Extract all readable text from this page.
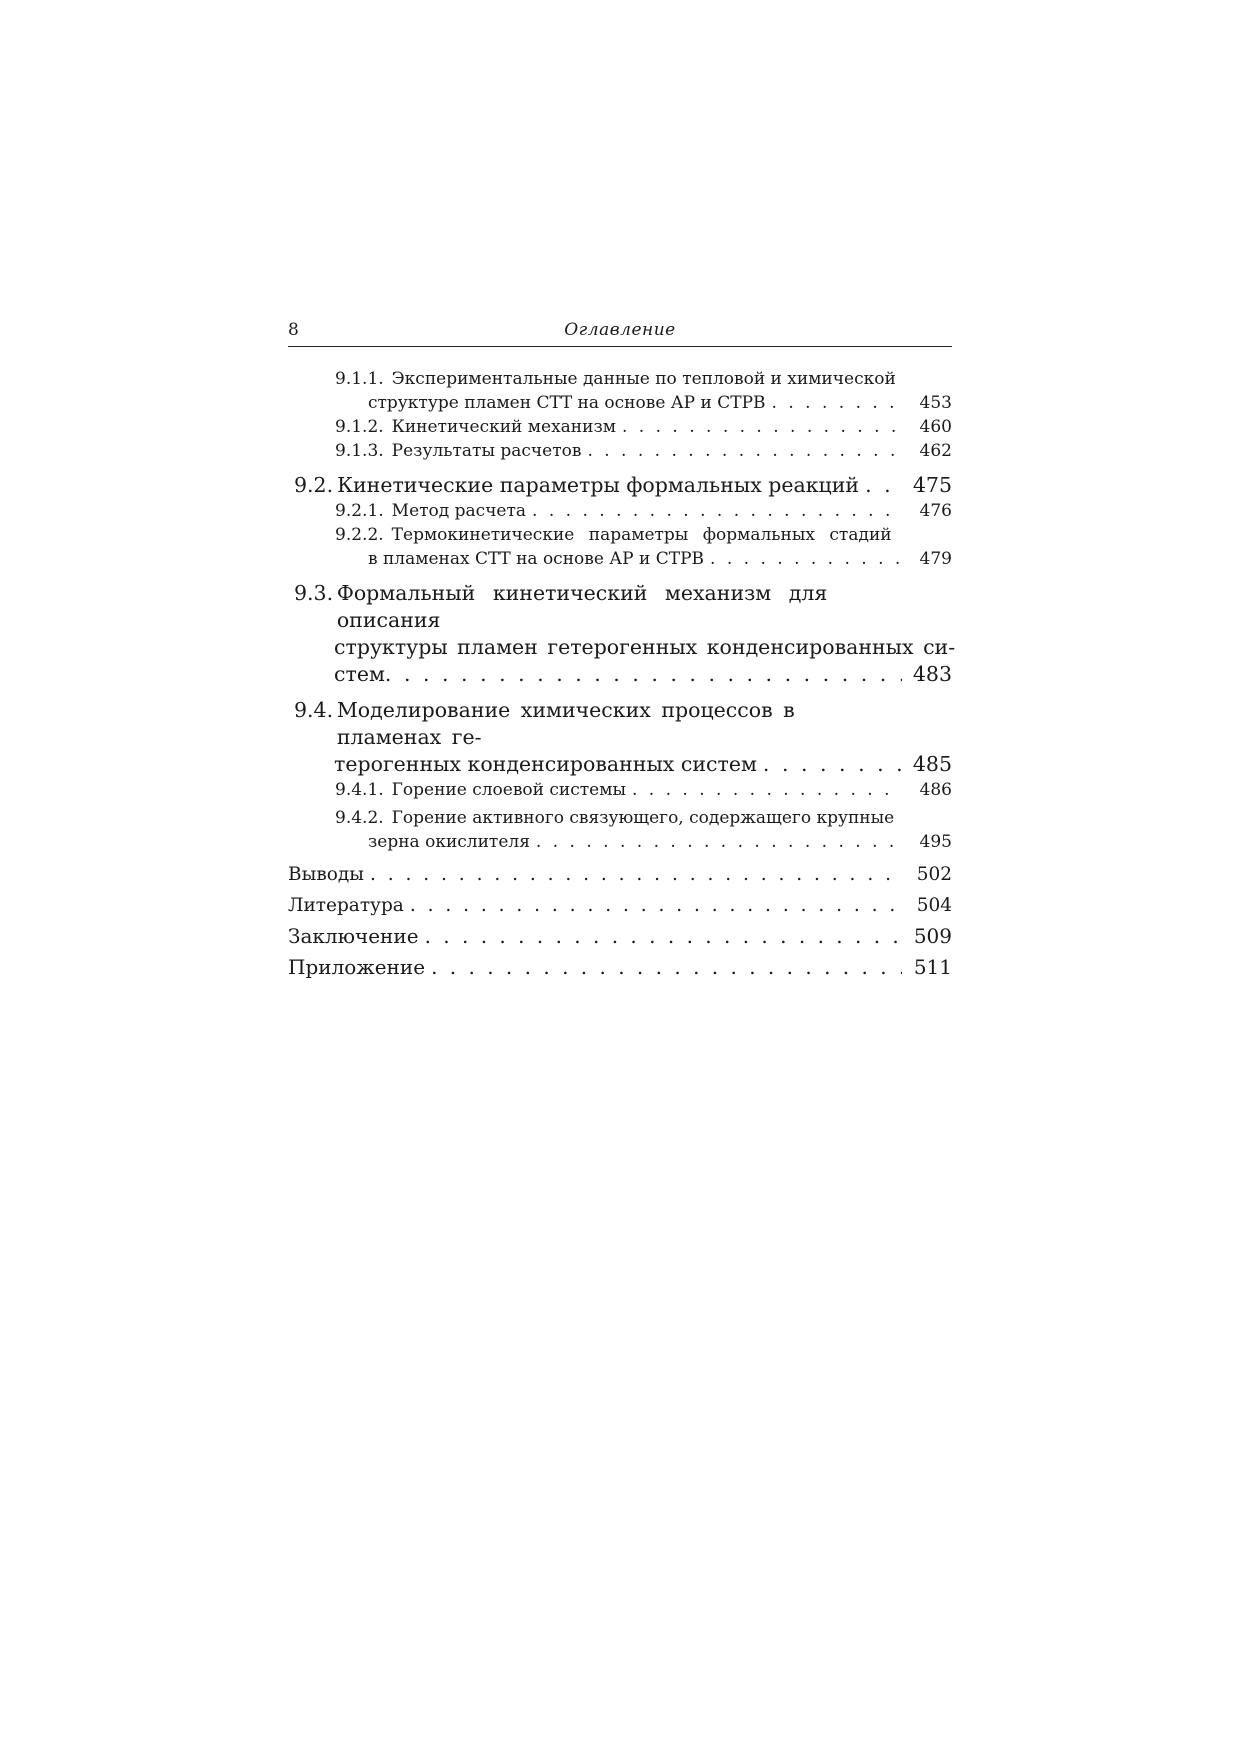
8	Оглавление
9.1.1. Экспериментальные данные по тепловой и химической
структуре пламен СТТ на основе АР и СТРВ . . .	453
9.1.2. Кинетический механизм . . .	460
9.1.3. Результаты расчетов . . .	462
9.2. Кинетические параметры формальных реакций . . .	475
9.2.1. Метод расчета . . .	476
9.2.2. Термокинетические параметры формальных стадий
в пламенах СТТ на основе АР и СТРВ . . .	479
9.3. Формальный кинетический механизм для описания
структуры пламен гетерогенных конденсированных си-
стем . . .	483
9.4. Моделирование химических процессов в пламенах ге-
терогенных конденсированных систем . . .	485
9.4.1. Горение слоевой системы . . .	486
9.4.2. Горение активного связующего, содержащего крупные
зерна окислителя . . .	495
Выводы . . .	502
Литература . . .	504
Заключение . . .	509
Приложение . . .	511
